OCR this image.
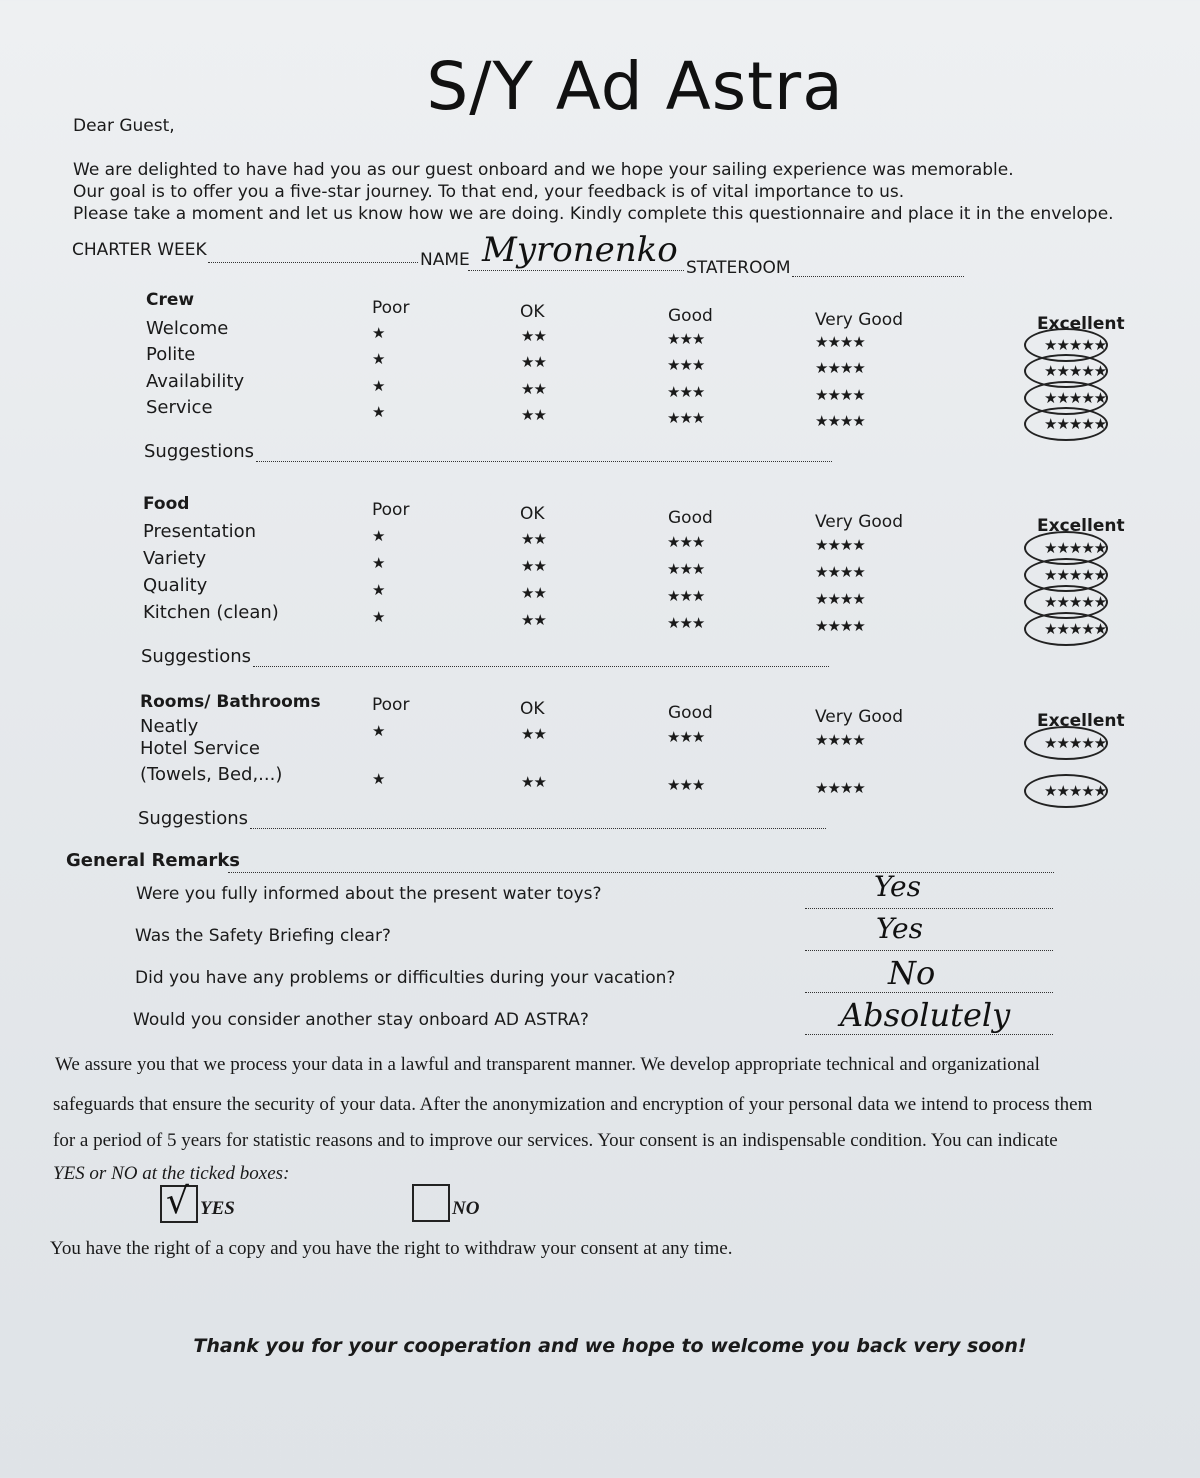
S/Y Ad Astra
Dear Guest,
We are delighted to have had you as our guest onboard and we hope your sailing experience was memorable.
Our goal is to offer you a five-star journey. To that end, your feedback is of vital importance to us.
Please take a moment and let us know how we are doing. Kindly complete this questionnaire and place it in the envelope.
CHARTER WEEK	NAME Myronenko STATEROOM
Crew	Poor	OK	Good	Very Good	Excellent
Welcome	★	★★	★★★	★★★★	★★★★★
Polite	★	★★	★★★	★★★★	★★★★★
Availability	★	★★	★★★	★★★★	★★★★★
Service	★	★★	★★★	★★★★	★★★★★
Suggestions
Food	Poor	OK	Good	Very Good	Excellent
Presentation	★	★★	★★★	★★★★	★★★★★
Variety	★	★★	★★★	★★★★	★★★★★
Quality	★	★★	★★★	★★★★	★★★★★
Kitchen (clean)	★	★★	★★★	★★★★	★★★★★
Suggestions
Rooms/ Bathrooms	Poor	OK	Good	Very Good	Excellent
Neatly	★	★★	★★★	★★★★	★★★★★
Hotel Service
(Towels, Bed,...)	★	★★	★★★	★★★★	★★★★★
Suggestions
General Remarks
Were you fully informed about the present water toys?	Yes
Was the Safety Briefing clear?	Yes
Did you have any problems or difficulties during your vacation?	No
Would you consider another stay onboard AD ASTRA?	Absolutely
We assure you that we process your data in a lawful and transparent manner. We develop appropriate technical and organizational
safeguards that ensure the security of your data. After the anonymization and encryption of your personal data we intend to process them
for a period of 5 years for statistic reasons and to improve our services. Your consent is an indispensable condition. You can indicate
YES or NO at the ticked boxes:
√ YES	NO
You have the right of a copy and you have the right to withdraw your consent at any time.
Thank you for your cooperation and we hope to welcome you back very soon!
